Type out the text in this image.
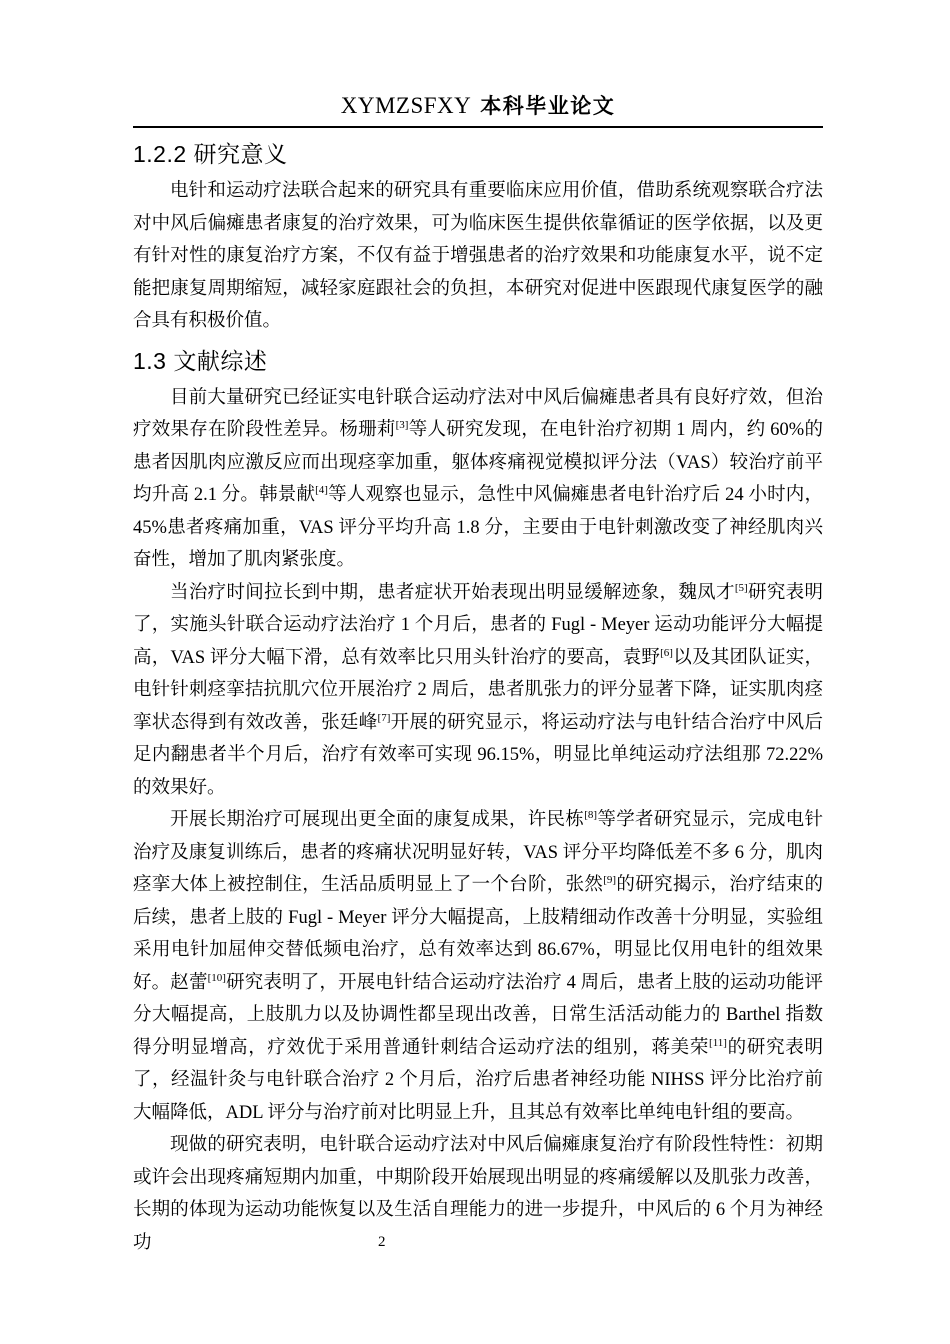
XYMZSFXY 本科毕业论文
1.2.2 研究意义

电针和运动疗法联合起来的研究具有重要临床应用价值，借助系统观察联合疗法对中风后偏瘫患者康复的治疗效果，可为临床医生提供依靠循证的医学依据，以及更有针对性的康复治疗方案，不仅有益于增强患者的治疗效果和功能康复水平，说不定能把康复周期缩短，减轻家庭跟社会的负担，本研究对促进中医跟现代康复医学的融合具有积极价值。

1.3 文献综述

目前大量研究已经证实电针联合运动疗法对中风后偏瘫患者具有良好疗效，但治疗效果存在阶段性差异。杨珊莉[3]等人研究发现，在电针治疗初期 1 周内，约 60%的患者因肌肉应激反应而出现痉挛加重，躯体疼痛视觉模拟评分法（VAS）较治疗前平均升高 2.1 分。韩景献[4]等人观察也显示，急性中风偏瘫患者电针治疗后 24 小时内，45%患者疼痛加重，VAS 评分平均升高 1.8 分，主要由于电针刺激改变了神经肌肉兴奋性，增加了肌肉紧张度。

当治疗时间拉长到中期，患者症状开始表现出明显缓解迹象，魏凤才[5]研究表明了，实施头针联合运动疗法治疗 1 个月后，患者的 Fugl - Meyer 运动功能评分大幅提高，VAS 评分大幅下滑，总有效率比只用头针治疗的要高，袁野[6]以及其团队证实，电针针刺痉挛拮抗肌穴位开展治疗 2 周后，患者肌张力的评分显著下降，证实肌肉痉挛状态得到有效改善，张廷峰[7]开展的研究显示，将运动疗法与电针结合治疗中风后足内翻患者半个月后，治疗有效率可实现 96.15%，明显比单纯运动疗法组那 72.22%的效果好。

开展长期治疗可展现出更全面的康复成果，许民栋[8]等学者研究显示，完成电针治疗及康复训练后，患者的疼痛状况明显好转，VAS 评分平均降低差不多 6 分，肌肉痉挛大体上被控制住，生活品质明显上了一个台阶，张然[9]的研究揭示，治疗结束的后续，患者上肢的 Fugl - Meyer 评分大幅提高，上肢精细动作改善十分明显，实验组采用电针加屈伸交替低频电治疗，总有效率达到 86.67%，明显比仅用电针的组效果好。赵蕾[10]研究表明了，开展电针结合运动疗法治疗 4 周后，患者上肢的运动功能评分大幅提高，上肢肌力以及协调性都呈现出改善，日常生活活动能力的 Barthel 指数得分明显增高，疗效优于采用普通针刺结合运动疗法的组别，蒋美荣[11]的研究表明了，经温针灸与电针联合治疗 2 个月后，治疗后患者神经功能 NIHSS 评分比治疗前大幅降低，ADL 评分与治疗前对比明显上升，且其总有效率比单纯电针组的要高。

现做的研究表明，电针联合运动疗法对中风后偏瘫康复治疗有阶段性特性：初期或许会出现疼痛短期内加重，中期阶段开始展现出明显的疼痛缓解以及肌张力改善，长期的体现为运动功能恢复以及生活自理能力的进一步提升，中风后的 6 个月为神经功	2
